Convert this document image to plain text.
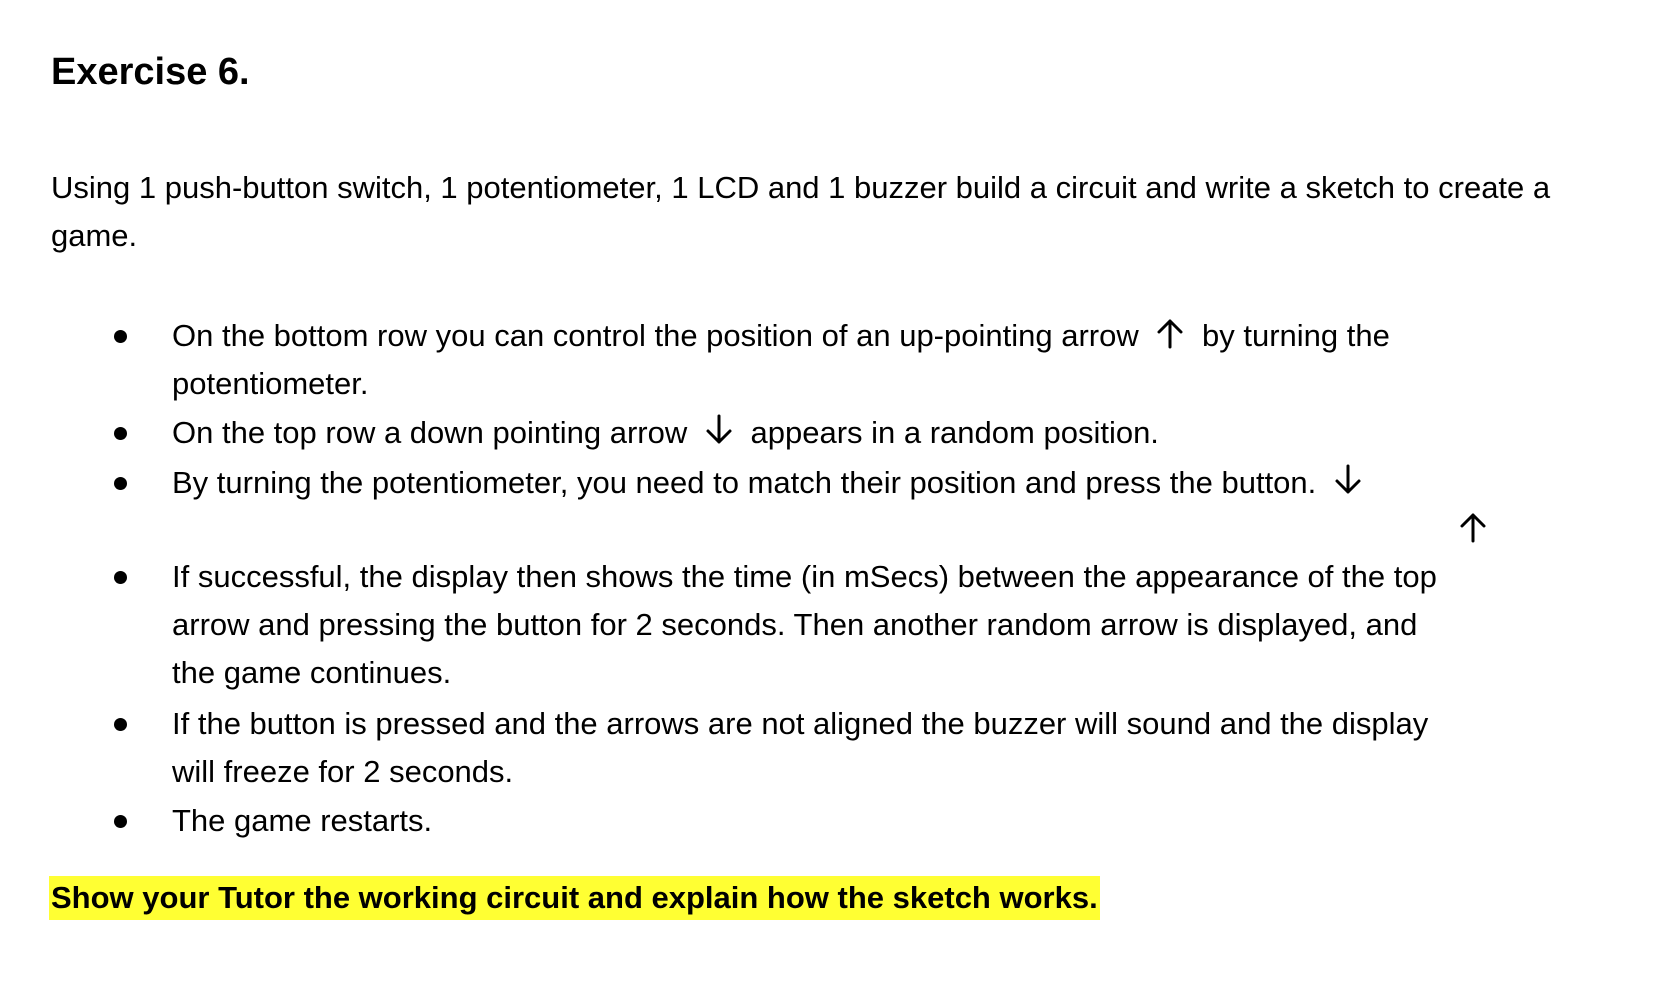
Exercise 6.

Using 1 push-button switch, 1 potentiometer, 1 LCD and 1 buzzer build a circuit and write a sketch to create a game.

On the bottom row you can control the position of an up-pointing arrow by turning the
potentiometer.
On the top row a down pointing arrow appears in a random position.
By turning the potentiometer, you need to match their position and press the button.
If successful, the display then shows the time (in mSecs) between the appearance of the top
arrow and pressing the button for 2 seconds. Then another random arrow is displayed, and
the game continues.
If the button is pressed and the arrows are not aligned the buzzer will sound and the display
will freeze for 2 seconds.
The game restarts.
Show your Tutor the working circuit and explain how the sketch works.
